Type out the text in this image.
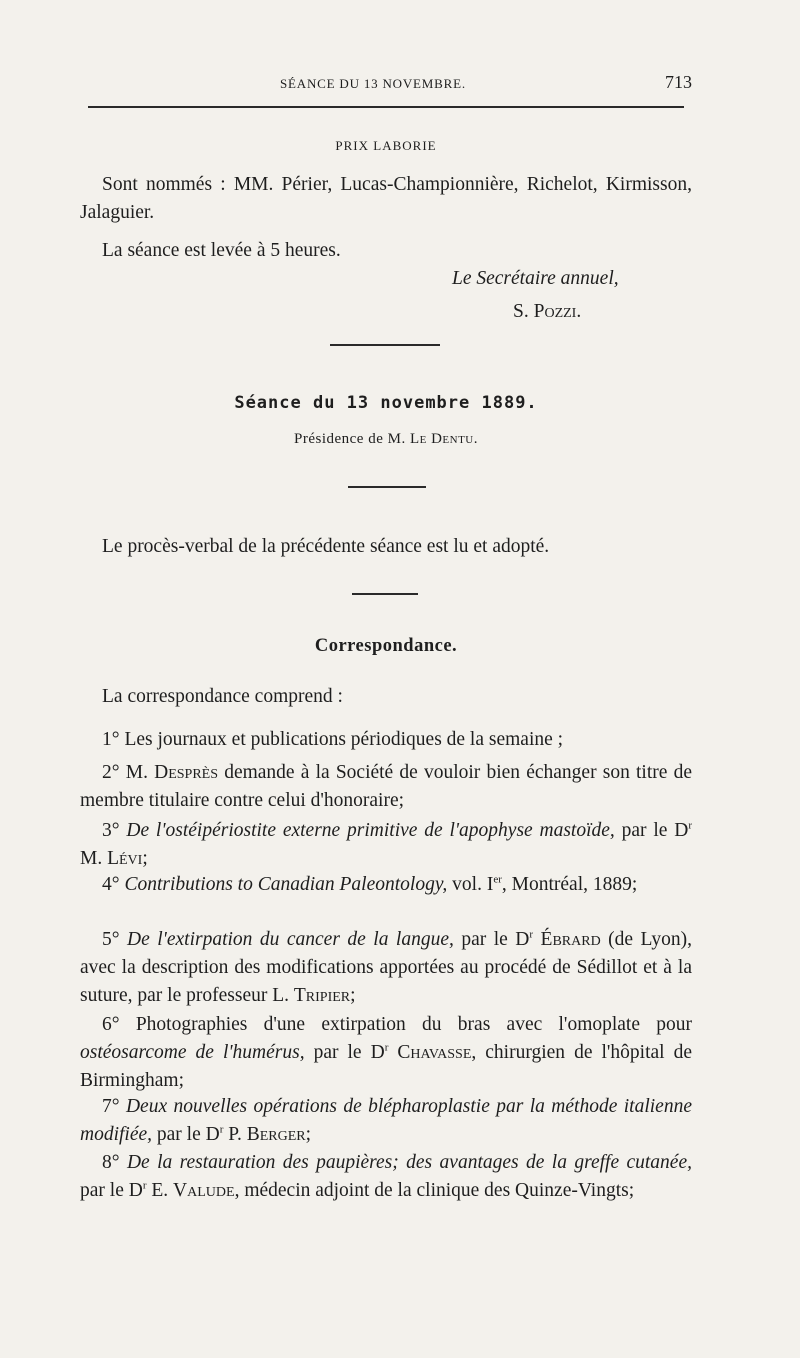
SÉANCE DU 13 NOVEMBRE.	713
PRIX LABORIE
Sont nommés : MM. Périer, Lucas-Championnière, Richelot, Kirmisson, Jalaguier.
La séance est levée à 5 heures.
Le Secrétaire annuel,
S. Pozzi.
Séance du 13 novembre 1889.
Présidence de M. Le Dentu.
Le procès-verbal de la précédente séance est lu et adopté.
Correspondance.
La correspondance comprend :
1° Les journaux et publications périodiques de la semaine ;
2° M. Desprès demande à la Société de vouloir bien échanger son titre de membre titulaire contre celui d'honoraire;
3° De l'ostéipériostite externe primitive de l'apophyse mastoïde, par le $D^r$ M. Lévi;
4° Contributions to Canadian Paleontology, vol. Ier, Montréal, 1889;
5° De l'extirpation du cancer de la langue, par le $D^r$ Ébrard (de Lyon), avec la description des modifications apportées au procédé de Sédillot et à la suture, par le professeur L. Tripier;
6° Photographies d'une extirpation du bras avec l'omoplate pour ostéosarcome de l'humérus, par le $D^r$ Chavasse, chirurgien de l'hôpital de Birmingham;
7° Deux nouvelles opérations de blépharoplastie par la méthode italienne modifiée, par le $D^r$ P. Berger;
8° De la restauration des paupières; des avantages de la greffe cutanée, par le $D^r$ E. Valude, médecin adjoint de la clinique des Quinze-Vingts;
